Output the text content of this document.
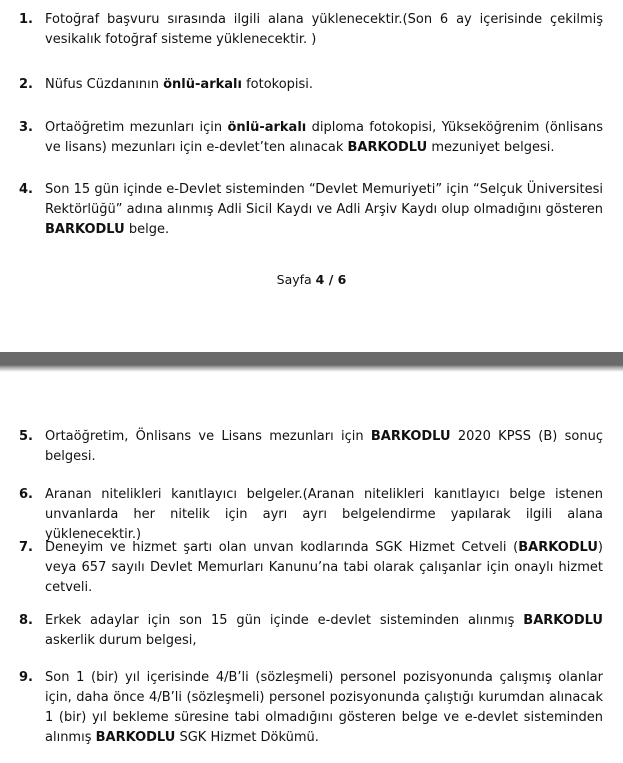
1. Fotoğraf başvuru sırasında ilgili alana yüklenecektir.(Son 6 ay içerisinde çekilmiş vesikalık fotoğraf sisteme yüklenecektir. )
2. Nüfus Cüzdanının önlü-arkalı fotokopisi.
3. Ortaöğretim mezunları için önlü-arkalı diploma fotokopisi, Yükseköğrenim (önlisans ve lisans) mezunları için e-devlet’ten alınacak BARKODLU mezuniyet belgesi.
4. Son 15 gün içinde e-Devlet sisteminden “Devlet Memuriyeti” için “Selçuk Üniversitesi Rektörlüğü” adına alınmış Adli Sicil Kaydı ve Adli Arşiv Kaydı olup olmadığını gösteren BARKODLU belge.
Sayfa 4 / 6
5. Ortaöğretim, Önlisans ve Lisans mezunları için BARKODLU 2020 KPSS (B) sonuç belgesi.
6. Aranan nitelikleri kanıtlayıcı belgeler.(Aranan nitelikleri kanıtlayıcı belge istenen unvanlarda her nitelik için ayrı ayrı belgelendirme yapılarak ilgili alana yüklenecektir.)
7. Deneyim ve hizmet şartı olan unvan kodlarında SGK Hizmet Cetveli (BARKODLU) veya 657 sayılı Devlet Memurları Kanunu’na tabi olarak çalışanlar için onaylı hizmet cetveli.
8. Erkek adaylar için son 15 gün içinde e-devlet sisteminden alınmış BARKODLU askerlik durum belgesi,
9. Son 1 (bir) yıl içerisinde 4/B’li (sözleşmeli) personel pozisyonunda çalışmış olanlar için, daha önce 4/B’li (sözleşmeli) personel pozisyonunda çalıştığı kurumdan alınacak 1 (bir) yıl bekleme süresine tabi olmadığını gösteren belge ve e-devlet sisteminden alınmış BARKODLU SGK Hizmet Dökümü.
